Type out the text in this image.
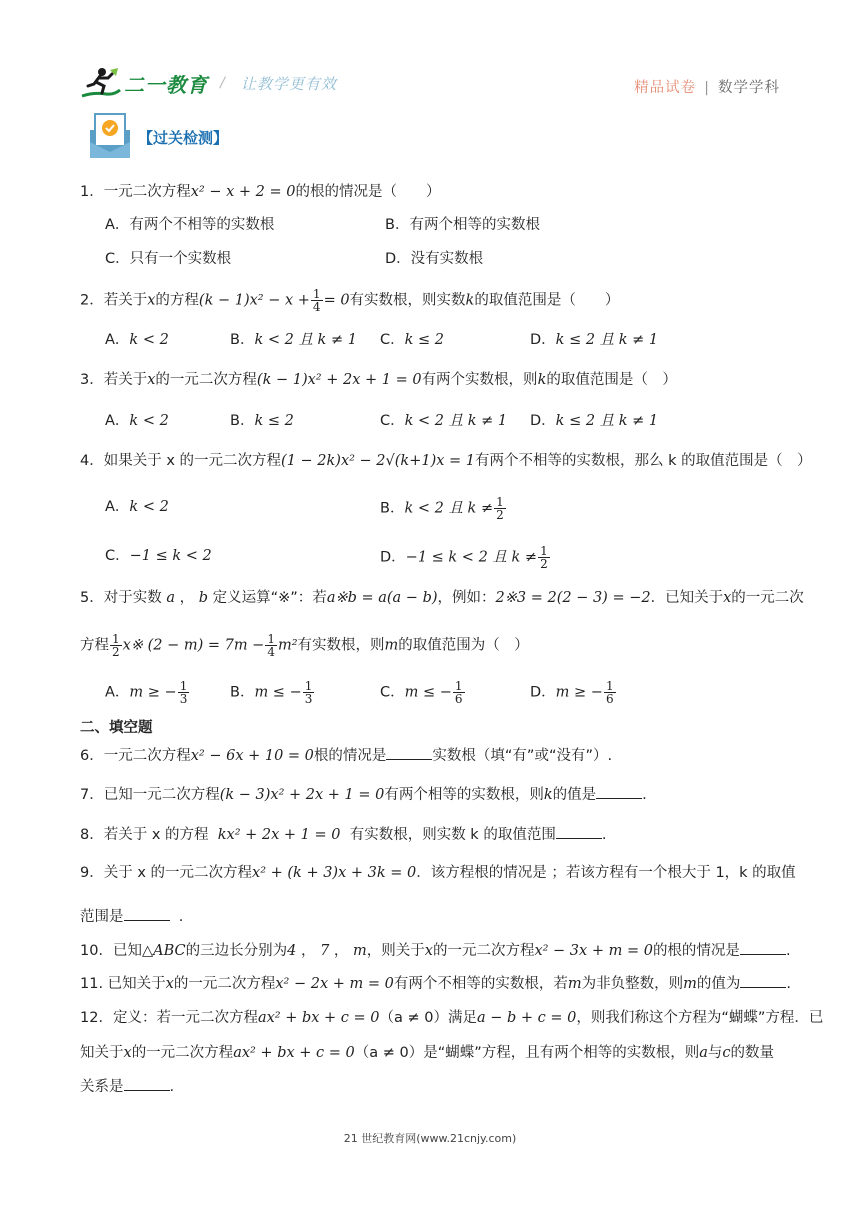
二一教育 / 让教学更有效	精品试卷 | 数学学科
【过关检测】
1．一元二次方程x² − x + 2 = 0的根的情况是（　　）
A．有两个不相等的实数根	B．有两个相等的实数根
C．只有一个实数根	D．没有实数根
2．若关于x的方程$(k - 1)x^2 - x + \frac{1}{4} = 0$有实数根，则实数k的取值范围是（　　）
A．k < 2	B．k < 2 且 k ≠ 1 C．k ≤ 2	D．k ≤ 2 且 k ≠ 1
3．若关于x的一元二次方程(k − 1)x² + 2x + 1 = 0有两个实数根，则k的取值范围是（　）
A．k < 2	B．k ≤ 2	C．k < 2 且 k ≠ 1 D．k ≤ 2 且 k ≠ 1
4．如果关于 x 的一元二次方程(1 − 2k)x² − 2√(k+1)x = 1有两个不相等的实数根，那么 k 的取值范围是（　）
A．k < 2	B．k < 2 且 $k \ne \frac{1}{2}$
C．−1 ≤ k < 2	D．−1 ≤ k < 2 且 $k \ne \frac{1}{2}$
5．对于实数 a ， b 定义运算“※”：若a※b = a(a − b)，例如：2※3 = 2(2 − 3) = −2．已知关于x的一元二次
方程 $\frac{1}{2}$ x※ $(2 - m) = 7m - \frac{1}{4} m^2$有实数根，则m的取值范围为（　）
A．m ≥ − $\frac{1}{3}$	B．m ≤ − $\frac{1}{3}$	C．m ≤ − $\frac{1}{6}$	D．m ≥ − $\frac{1}{6}$
二、填空题
6．一元二次方程x² − 6x + 10 = 0根的情况是	实数根（填“有”或“没有”）.
7．已知一元二次方程(k − 3)x² + 2x + 1 = 0有两个相等的实数根，则k的值是	.
8．若关于 x 的方程 kx² + 2x + 1 = 0 有实数根，则实数 k 的取值范围	.
9．关于 x 的一元二次方程x² + (k + 3)x + 3k = 0．该方程根的情况是 ；若该方程有一个根大于 1，k 的取值
范围是	.
10．已知△ABC的三边长分别为4 ， 7 ， m，则关于x的一元二次方程x² − 3x + m = 0的根的情况是	.
11. 已知关于x的一元二次方程x² − 2x + m = 0有两个不相等的实数根，若m为非负整数，则m的值为	.
12．定义：若一元二次方程ax² + bx + c = 0（a ≠ 0）满足a − b + c = 0，则我们称这个方程为“蝴蝶”方程．已
知关于x的一元二次方程ax² + bx + c = 0（a ≠ 0）是“蝴蝶”方程，且有两个相等的实数根，则a与c的数量
关系是	.
21 世纪教育网(www.21cnjy.com)
